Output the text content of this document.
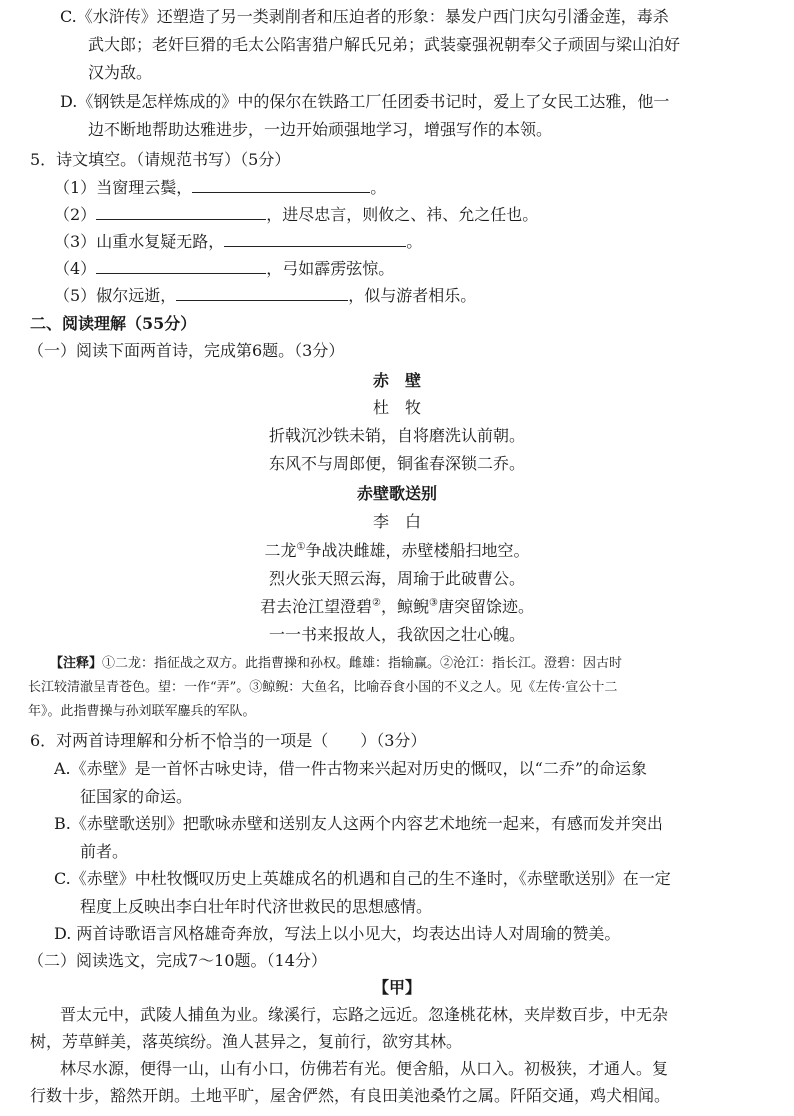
C.《水浒传》还塑造了另一类剥削者和压迫者的形象：暴发户西门庆勾引潘金莲，毒杀
武大郎；老奸巨猾的毛太公陷害猎户解氏兄弟；武装豪强祝朝奉父子顽固与梁山泊好
汉为敌。
D.《钢铁是怎样炼成的》中的保尔在铁路工厂任团委书记时，爱上了女民工达雅，他一
边不断地帮助达雅进步，一边开始顽强地学习，增强写作的本领。
5．诗文填空。（请规范书写）（5分）
（1）当窗理云鬓，	。
（2）	，进尽忠言，则攸之、祎、允之任也。
（3）山重水复疑无路，	。
（4）	，弓如霹雳弦惊。
（5）俶尔远逝，	，似与游者相乐。
二、阅读理解（55分）
（一）阅读下面两首诗，完成第6题。（3分）
赤　壁
杜　牧
折戟沉沙铁未销，自将磨洗认前朝。
东风不与周郎便，铜雀春深锁二乔。
赤壁歌送别
李　白
二龙①争战决雌雄，赤壁楼船扫地空。
烈火张天照云海，周瑜于此破曹公。
君去沧江望澄碧②，鲸鲵③唐突留馀迹。
一一书来报故人，我欲因之壮心魄。
【注释】①二龙：指征战之双方。此指曹操和孙权。雌雄：指输赢。②沧江：指长江。澄碧：因古时
长江较清澈呈青苍色。望：一作“弄”。③鲸鲵：大鱼名，比喻吞食小国的不义之人。见《左传·宣公十二
年》。此指曹操与孙刘联军鏖兵的军队。
6．对两首诗理解和分析不恰当的一项是（　　）（3分）
A.《赤壁》是一首怀古咏史诗，借一件古物来兴起对历史的慨叹，以“二乔”的命运象
征国家的命运。
B.《赤壁歌送别》把歌咏赤壁和送别友人这两个内容艺术地统一起来，有感而发并突出
前者。
C.《赤壁》中杜牧慨叹历史上英雄成名的机遇和自己的生不逢时，《赤壁歌送别》在一定
程度上反映出李白壮年时代济世救民的思想感情。
D. 两首诗歌语言风格雄奇奔放，写法上以小见大，均表达出诗人对周瑜的赞美。
（二）阅读选文，完成7～10题。（14分）
【甲】
晋太元中，武陵人捕鱼为业。缘溪行，忘路之远近。忽逢桃花林，夹岸数百步，中无杂
树，芳草鲜美，落英缤纷。渔人甚异之，复前行，欲穷其林。
林尽水源，便得一山，山有小口，仿佛若有光。便舍船，从口入。初极狭，才通人。复
行数十步，豁然开朗。土地平旷，屋舍俨然，有良田美池桑竹之属。阡陌交通，鸡犬相闻。
